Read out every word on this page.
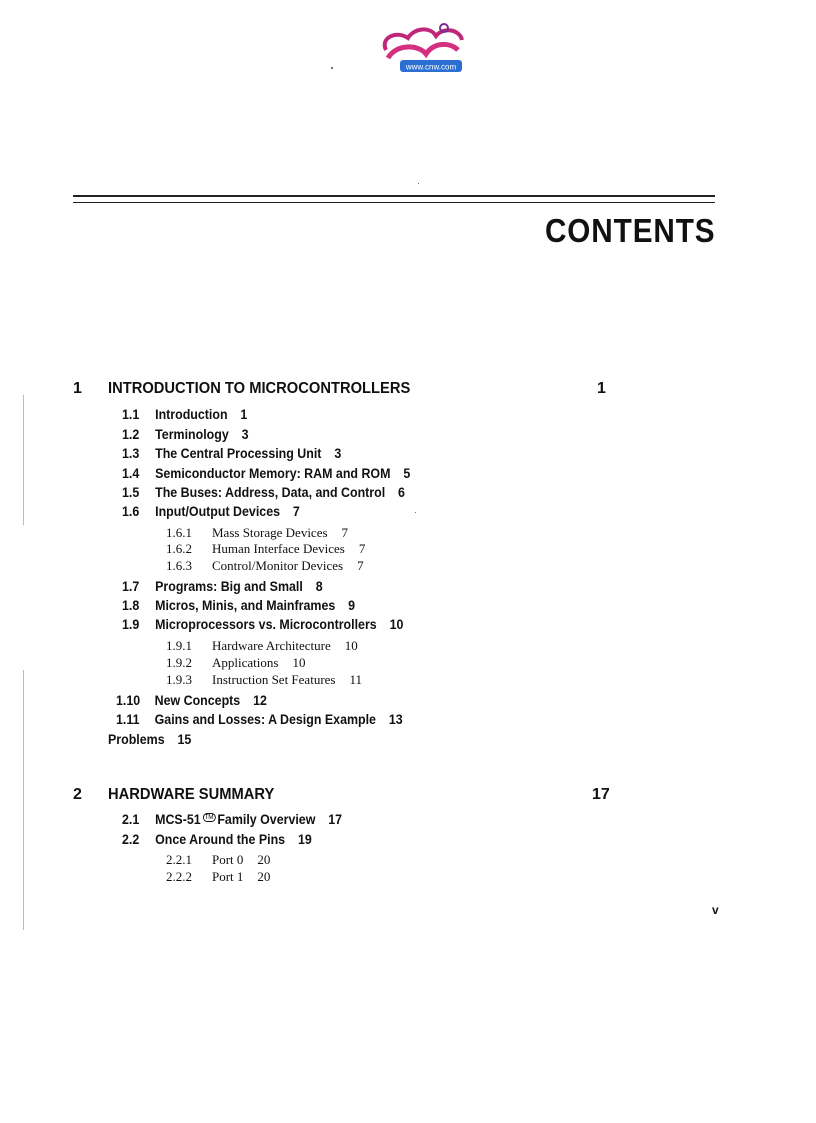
www.cnw.com
CONTENTS
1 INTRODUCTION TO MICROCONTROLLERS	1
1.1 Introduction 1
1.2 Terminology 3
1.3 The Central Processing Unit 3
1.4 Semiconductor Memory: RAM and ROM 5
1.5 The Buses: Address, Data, and Control 6
1.6 Input/Output Devices 7
1.6.1 Mass Storage Devices 7
1.6.2 Human Interface Devices 7
1.6.3 Control/Monitor Devices 7
1.7 Programs: Big and Small 8
1.8 Micros, Minis, and Mainframes 9
1.9 Microprocessors vs. Microcontrollers 10
1.9.1 Hardware Architecture 10
1.9.2 Applications 10
1.9.3 Instruction Set Features 11
1.10 New Concepts 12
1.11 Gains and Losses: A Design Example 13
Problems 15
2 HARDWARE SUMMARY	17
2.1 MCS-51 ™ Family Overview 17
2.2 Once Around the Pins 19
2.2.1 Port 0 20
2.2.2 Port 1 20
v
